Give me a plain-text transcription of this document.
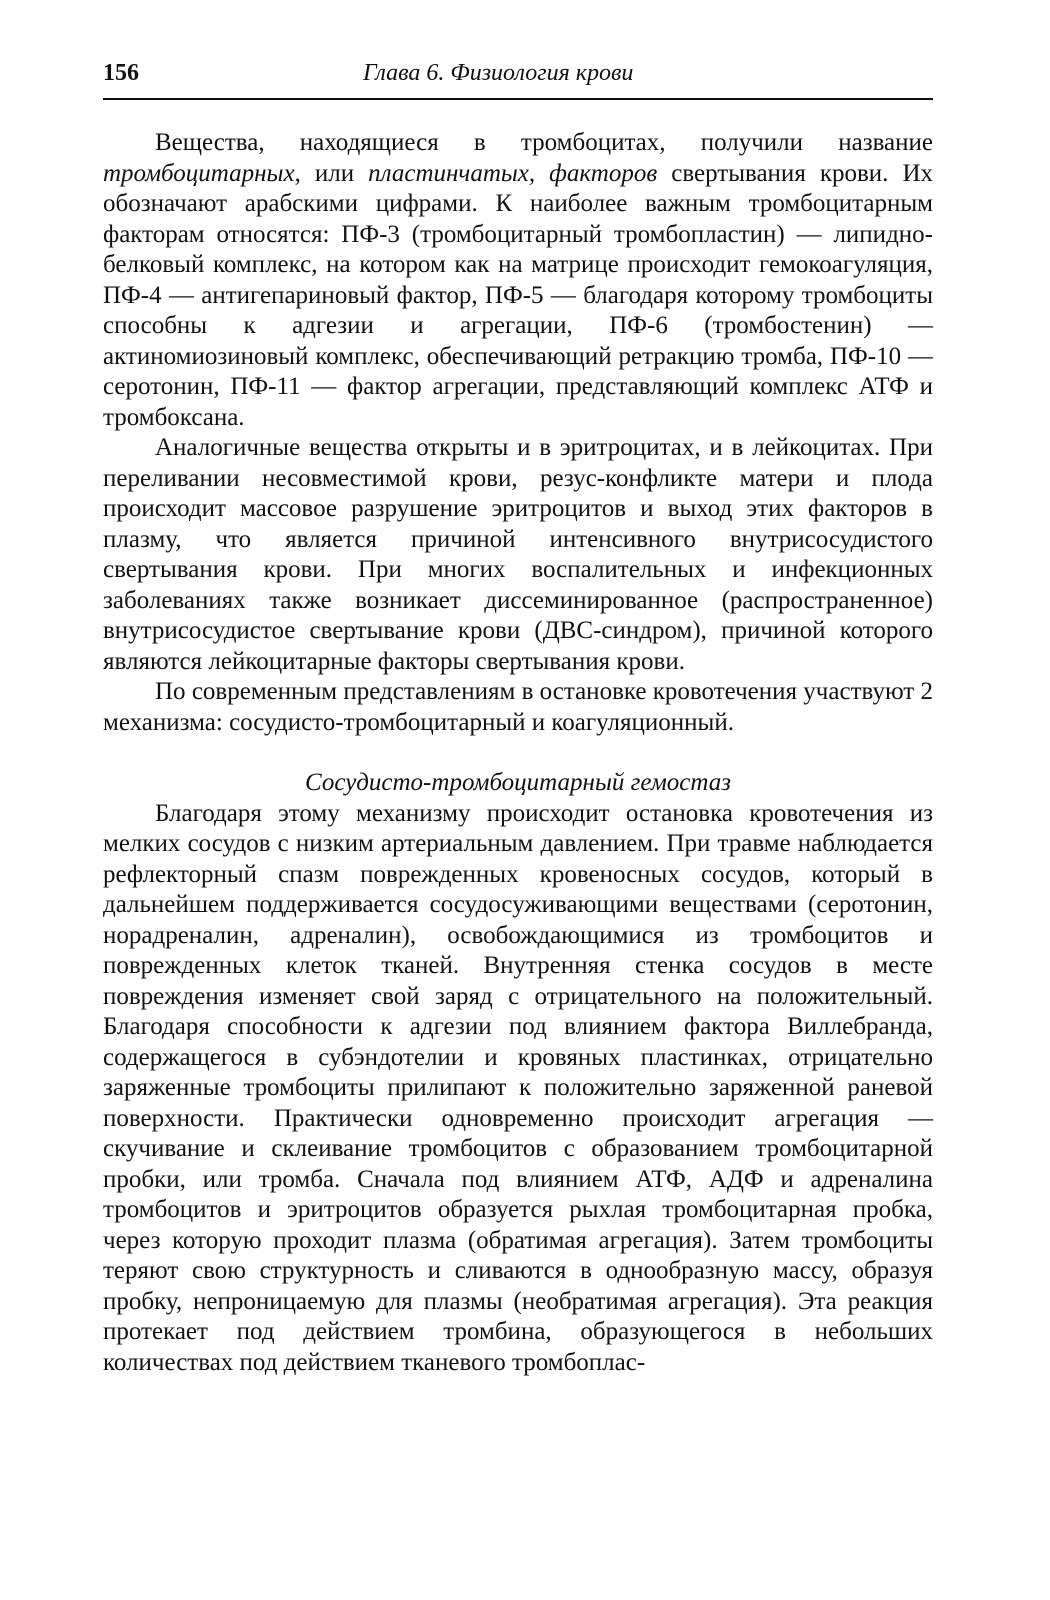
156	Глава 6. Физиология крови

Вещества, находящиеся в тромбоцитах, получили название тромбоцитарных, или пластинчатых, факторов свертывания крови. Их обозначают арабскими цифрами. К наиболее важным тромбоцитарным факторам относятся: ПФ-3 (тромбоцитарный тромбопластин) — липидно-белковый комплекс, на котором как на матрице происходит гемокоагуляция, ПФ-4 — антигепариновый фактор, ПФ-5 — благодаря которому тромбоциты способны к адгезии и агрегации, ПФ-6 (тромбостенин) — актиномиозиновый комплекс, обеспечивающий ретракцию тромба, ПФ-10 — серотонин, ПФ-11 — фактор агрегации, представляющий комплекс АТФ и тромбоксана.

Аналогичные вещества открыты и в эритроцитах, и в лейкоцитах. При переливании несовместимой крови, резус-конфликте матери и плода происходит массовое разрушение эритроцитов и выход этих факторов в плазму, что является причиной интенсивного внутрисосудистого свертывания крови. При многих воспалительных и инфекционных заболеваниях также возникает диссеминированное (распространенное) внутрисосудистое свертывание крови (ДВС-синдром), причиной которого являются лейкоцитарные факторы свертывания крови.

По современным представлениям в остановке кровотечения участвуют 2 механизма: сосудисто-тромбоцитарный и коагуляционный.

Сосудисто-тромбоцитарный гемостаз

Благодаря этому механизму происходит остановка кровотечения из мелких сосудов с низким артериальным давлением. При травме наблюдается рефлекторный спазм поврежденных кровеносных сосудов, который в дальнейшем поддерживается сосудосуживающими веществами (серотонин, норадреналин, адреналин), освобождающимися из тромбоцитов и поврежденных клеток тканей. Внутренняя стенка сосудов в месте повреждения изменяет свой заряд с отрицательного на положительный. Благодаря способности к адгезии под влиянием фактора Виллебранда, содержащегося в субэндотелии и кровяных пластинках, отрицательно заряженные тромбоциты прилипают к положительно заряженной раневой поверхности. Практически одновременно происходит агрегация — скучивание и склеивание тромбоцитов с образованием тромбоцитарной пробки, или тромба. Сначала под влиянием АТФ, АДФ и адреналина тромбоцитов и эритроцитов образуется рыхлая тромбоцитарная пробка, через которую проходит плазма (обратимая агрегация). Затем тромбоциты теряют свою структурность и сливаются в однообразную массу, образуя пробку, непроницаемую для плазмы (необратимая агрегация). Эта реакция протекает под действием тромбина, образующегося в небольших количествах под действием тканевого тромбоплас-
